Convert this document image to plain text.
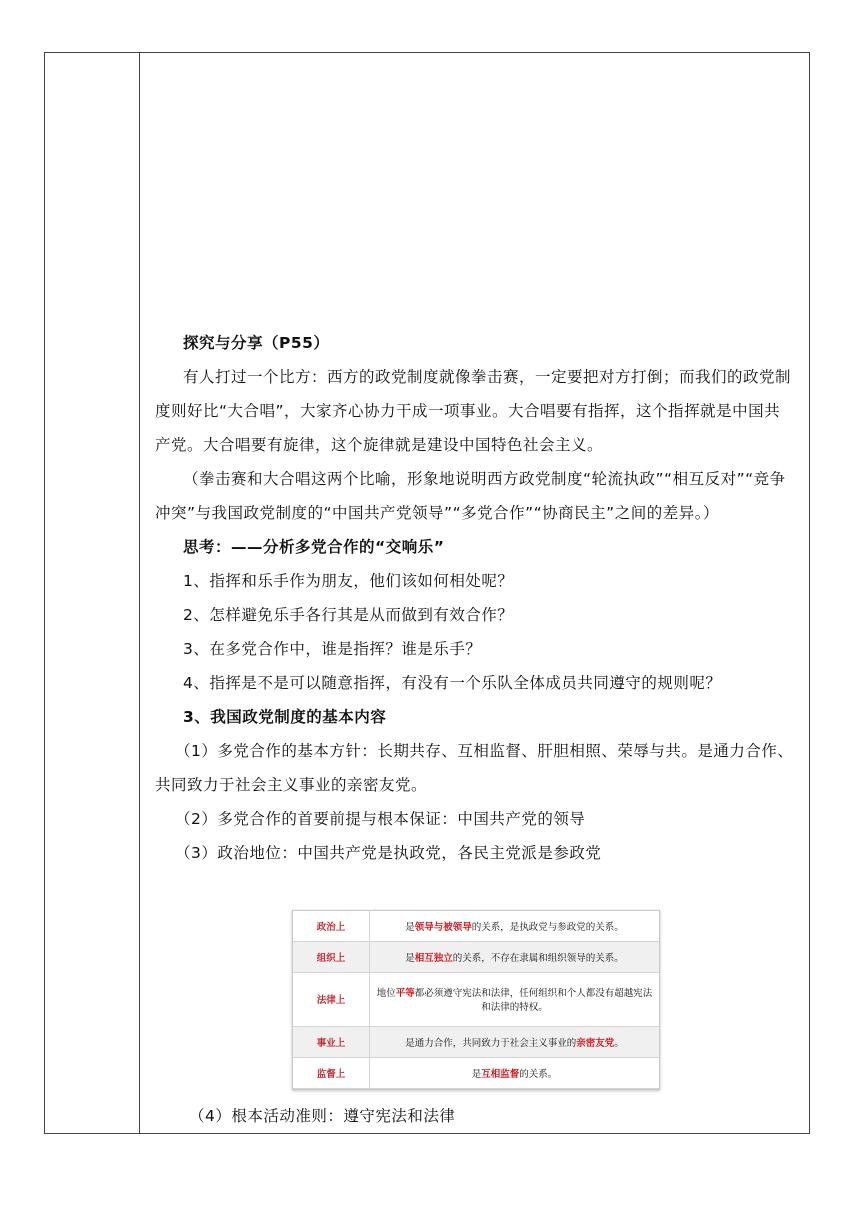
探究与分享（P55）

有人打过一个比方：西方的政党制度就像拳击赛，一定要把对方打倒；而我们的政党制度则好比“大合唱”，大家齐心协力干成一项事业。大合唱要有指挥，这个指挥就是中国共产党。大合唱要有旋律，这个旋律就是建设中国特色社会主义。

（拳击赛和大合唱这两个比喻，形象地说明西方政党制度“轮流执政”“相互反对”“竞争冲突”与我国政党制度的“中国共产党领导”“多党合作”“协商民主”之间的差异。）

思考：——分析多党合作的“交响乐”

1、指挥和乐手作为朋友，他们该如何相处呢？

2、怎样避免乐手各行其是从而做到有效合作？

3、在多党合作中，谁是指挥？谁是乐手？

4、指挥是不是可以随意指挥，有没有一个乐队全体成员共同遵守的规则呢？

3、我国政党制度的基本内容

（1）多党合作的基本方针：长期共存、互相监督、肝胆相照、荣辱与共。是通力合作、共同致力于社会主义事业的亲密友党。

（2）多党合作的首要前提与根本保证：中国共产党的领导

（3）政治地位：中国共产党是执政党，各民主党派是参政党

政治上	是领导与被领导的关系，是执政党与参政党的关系。
组织上	是相互独立的关系，不存在隶属和组织领导的关系。
法律上	地位平等都必须遵守宪法和法律，任何组织和个人都没有超越宪法和法律的特权。
事业上	是通力合作，共同致力于社会主义事业的亲密友党。
监督上	是互相监督的关系。

（4）根本活动准则：遵守宪法和法律
